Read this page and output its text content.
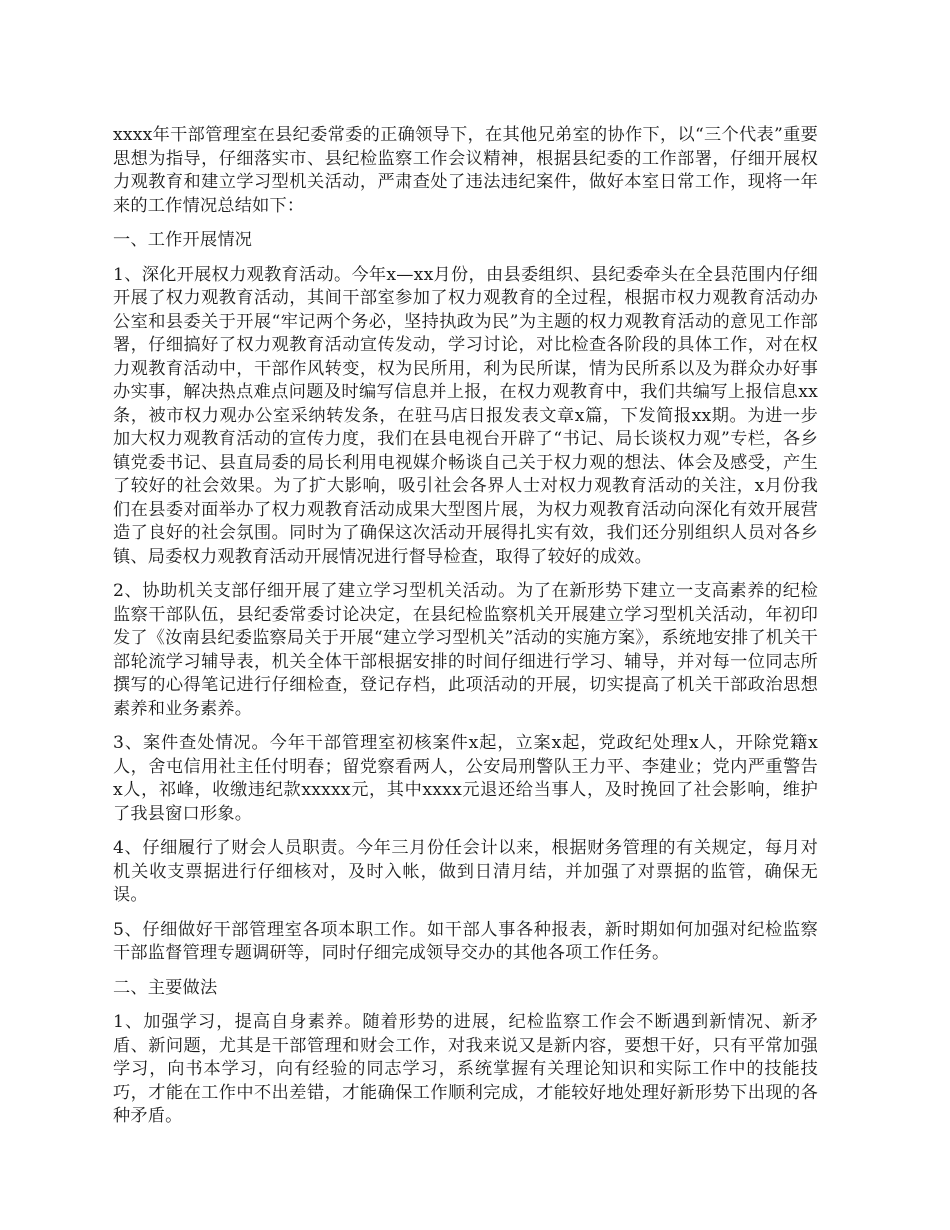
xxxx年干部管理室在县纪委常委的正确领导下，在其他兄弟室的协作下，以“三个代表”重要思想为指导，仔细落实市、县纪检监察工作会议精神，根据县纪委的工作部署，仔细开展权力观教育和建立学习型机关活动，严肃查处了违法违纪案件，做好本室日常工作，现将一年来的工作情况总结如下：

一、工作开展情况

1、深化开展权力观教育活动。今年x—xx月份，由县委组织、县纪委牵头在全县范围内仔细开展了权力观教育活动，其间干部室参加了权力观教育的全过程，根据市权力观教育活动办公室和县委关于开展“牢记两个务必，坚持执政为民”为主题的权力观教育活动的意见工作部署，仔细搞好了权力观教育活动宣传发动，学习讨论，对比检查各阶段的具体工作，对在权力观教育活动中，干部作风转变，权为民所用，利为民所谋，情为民所系以及为群众办好事办实事，解决热点难点问题及时编写信息并上报，在权力观教育中，我们共编写上报信息xx条，被市权力观办公室采纳转发条，在驻马店日报发表文章x篇，下发简报xx期。为进一步加大权力观教育活动的宣传力度，我们在县电视台开辟了“书记、局长谈权力观”专栏，各乡镇党委书记、县直局委的局长利用电视媒介畅谈自己关于权力观的想法、体会及感受，产生了较好的社会效果。为了扩大影响，吸引社会各界人士对权力观教育活动的关注，x月份我们在县委对面举办了权力观教育活动成果大型图片展，为权力观教育活动向深化有效开展营造了良好的社会氛围。同时为了确保这次活动开展得扎实有效，我们还分别组织人员对各乡镇、局委权力观教育活动开展情况进行督导检查，取得了较好的成效。

2、协助机关支部仔细开展了建立学习型机关活动。为了在新形势下建立一支高素养的纪检监察干部队伍，县纪委常委讨论决定，在县纪检监察机关开展建立学习型机关活动，年初印发了《汝南县纪委监察局关于开展“建立学习型机关”活动的实施方案》，系统地安排了机关干部轮流学习辅导表，机关全体干部根据安排的时间仔细进行学习、辅导，并对每一位同志所撰写的心得笔记进行仔细检查，登记存档，此项活动的开展，切实提高了机关干部政治思想素养和业务素养。

3、案件查处情况。今年干部管理室初核案件x起，立案x起，党政纪处理x人，开除党籍x人，舍屯信用社主任付明春；留党察看两人，公安局刑警队王力平、李建业；党内严重警告x人，祁峰，收缴违纪款xxxxx元，其中xxxx元退还给当事人，及时挽回了社会影响，维护了我县窗口形象。

4、仔细履行了财会人员职责。今年三月份任会计以来，根据财务管理的有关规定，每月对机关收支票据进行仔细核对，及时入帐，做到日清月结，并加强了对票据的监管，确保无误。

5、仔细做好干部管理室各项本职工作。如干部人事各种报表，新时期如何加强对纪检监察干部监督管理专题调研等，同时仔细完成领导交办的其他各项工作任务。

二、主要做法

1、加强学习，提高自身素养。随着形势的进展，纪检监察工作会不断遇到新情况、新矛盾、新问题，尤其是干部管理和财会工作，对我来说又是新内容，要想干好，只有平常加强学习，向书本学习，向有经验的同志学习，系统掌握有关理论知识和实际工作中的技能技巧，才能在工作中不出差错，才能确保工作顺利完成，才能较好地处理好新形势下出现的各种矛盾。
